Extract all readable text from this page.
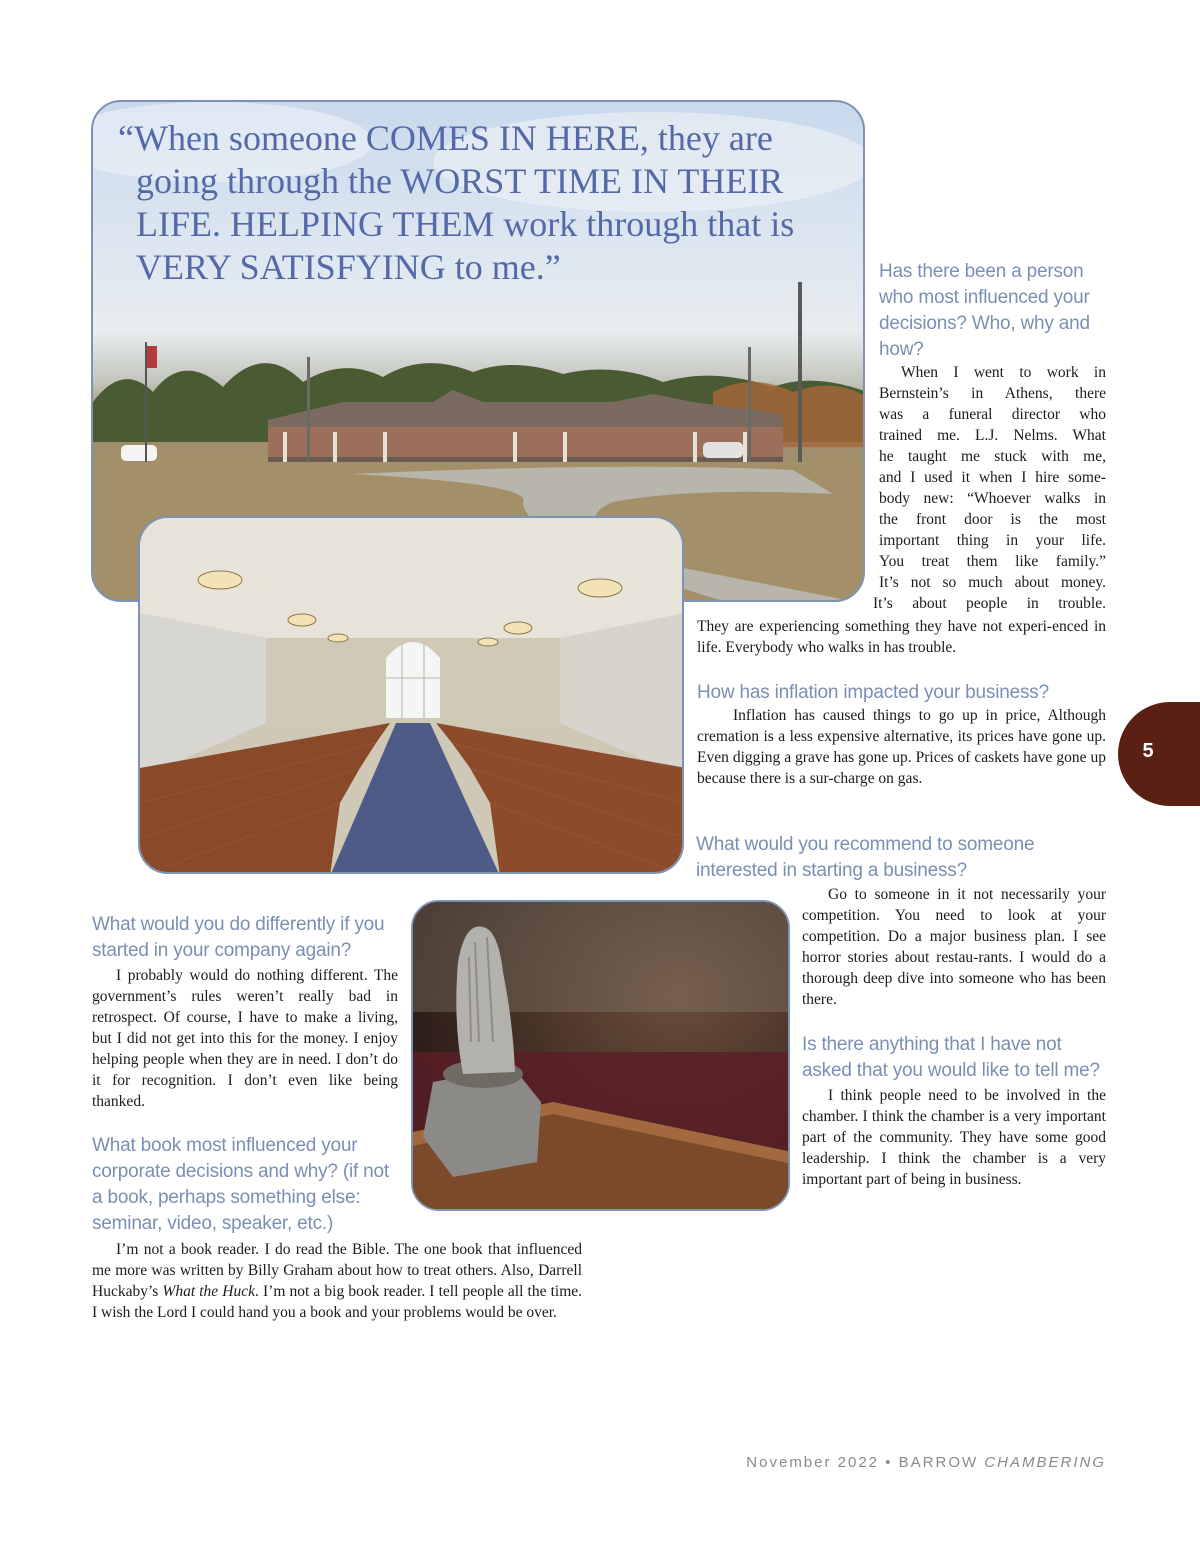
“When someone COMES IN HERE, they are going through the WORST TIME IN THEIR LIFE. HELPING THEM work through that is VERY SATISFYING to me.”	Has there been a person who most influenced your decisions? Who, why and how?
When I went to work in
Bernstein’s in Athens, there
was a funeral director who
trained me. L.J. Nelms. What
he taught me stuck with me,
and I used it when I hire some-
body new: “Whoever walks in
the front door is the most
important thing in your life.
You treat them like family.”
It’s not so much about money.
It’s about people in trouble.
They are experiencing something they have not experi-enced in life. Everybody who walks in has trouble.
How has inflation impacted your business?

Inflation has caused things to go up in price, Although cremation is a less expensive alternative, its prices have gone up. Even digging a grave has gone up. Prices of caskets have gone up because there is a sur-charge on gas.

What would you recommend to someone interested in starting a business?

Go to someone in it not necessarily your competition. You need to look at your competition. Do a major business plan. I see horror stories about restau-rants. I would do a thorough deep dive into someone who has been there.

Is there anything that I have not asked that you would like to tell me?

I think people need to be involved in the chamber. I think the chamber is a very important part of the community. They have some good leadership. I think the chamber is a very important part of being in business.

What would you do differently if you started in your company again?

I probably would do nothing different. The government’s rules weren’t really bad in retrospect. Of course, I have to make a living, but I did not get into this for the money. I enjoy helping people when they are in need. I don’t do it for recognition. I don’t even like being thanked.

What book most influenced your corporate decisions and why? (if not a book, perhaps something else: seminar, video, speaker, etc.)

I’m not a book reader. I do read the Bible. The one book that influenced me more was written by Billy Graham about how to treat others. Also, Darrell Huckaby’s What the Huck. I’m not a big book reader. I tell people all the time. I wish the Lord I could hand you a book and your problems would be over.

5
November 2022 • BARROW CHAMBERING
